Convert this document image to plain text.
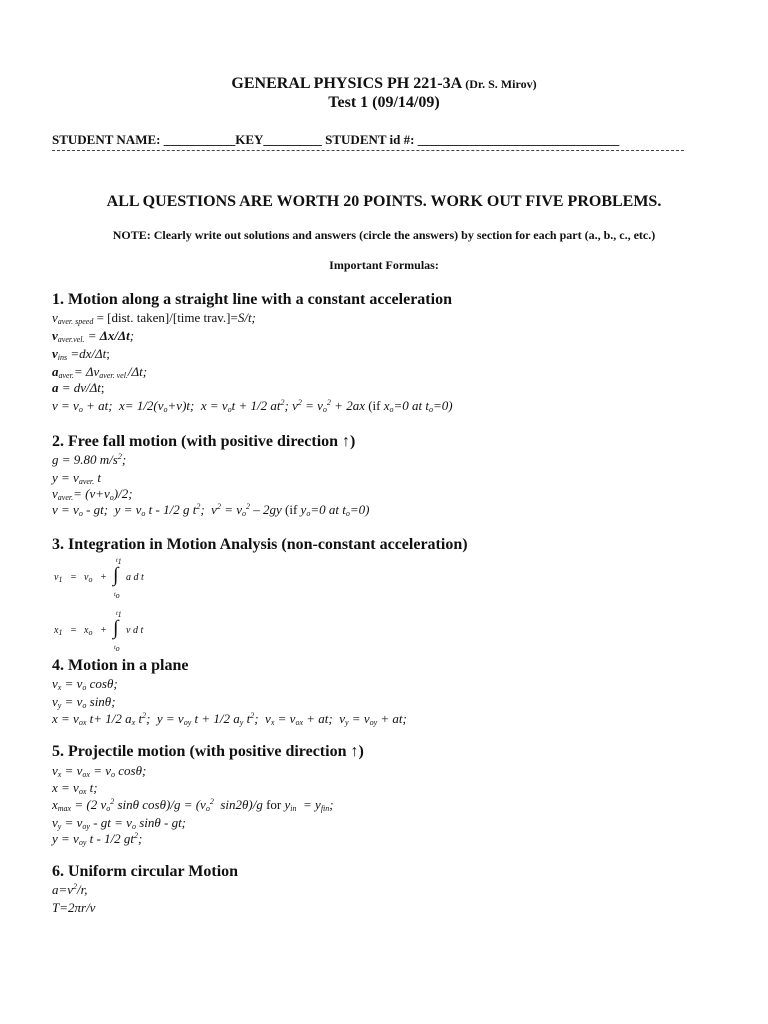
GENERAL PHYSICS PH 221-3A (Dr. S. Mirov)
Test 1 (09/14/09)
STUDENT NAME: ___________KEY_________ STUDENT id #: _______________________________
ALL QUESTIONS ARE WORTH 20 POINTS. WORK OUT FIVE PROBLEMS.
NOTE: Clearly write out solutions and answers (circle the answers) by section for each part (a., b., c., etc.)
Important Formulas:
1. Motion along a straight line with a constant acceleration
$v_{aver. speed}$ = [dist. taken]/[time trav.]=S/t;
$v_{aver.vel.} = \Delta x/\Delta t$;
$v_{ins} =dx/\Delta t$;
$a_{aver.}= \Delta v_{aver. vel.}/\Delta t$;
a = dv/Δt;
$v = v_o$ + at;  $x= 1/2(v_o+v)t$;  $x = v_ot + 1/2$ $at^2$; $v^2 = v_o^2 + 2ax$ (if $x_o=0$ at $t_o=0$)
2. Free fall motion (with positive direction ↑)
g = 9.80 $m/s^2$;
$y = v_{aver.}$ t
$v_{aver.}= (v+v_o)/2$;
$v = v_o$ - gt;  $y = v_o$ t - 1/2 g $t^2$;  $v^2 = v_o^2 - 2gy$ (if $y_o=0$ at $t_o=0$)
3. Integration in Motion Analysis (non-constant acceleration)
$v_1 = v_o$ + ∫
$t_1$
$t_o$
a d t
$x_1 = x_o$ + ∫
$t_1$
$t_o$
v d t
4. Motion in a plane
$v_x = v_o$ cosθ;
$v_y = v_o$ sinθ;
$x = v_{ox}$ t+ 1/2 $a_x$ $t^2$;  $y = v_{oy}$ t + 1/2 $a_y$ $t^2$;  $v_x = v_{ox}$ + at;  $v_y = v_{oy}$ + at;
5. Projectile motion (with positive direction ↑)
$v_x = v_{ox} = v_o$ cosθ;
$x = v_{ox}$ t;
$x_{max} = (2$ $v_o^2$ sinθ $\cos\theta)/g = (v_o^2$  sin2θ)/g for $y_{in} = y_{fin}$;
$v_y = v_{oy}$ - gt = $v_o$ sinθ - gt;
$y = v_{oy}$ t - 1/2 $gt^2$;
6. Uniform circular Motion
$a=v^2/r$,
T=2πr/v
